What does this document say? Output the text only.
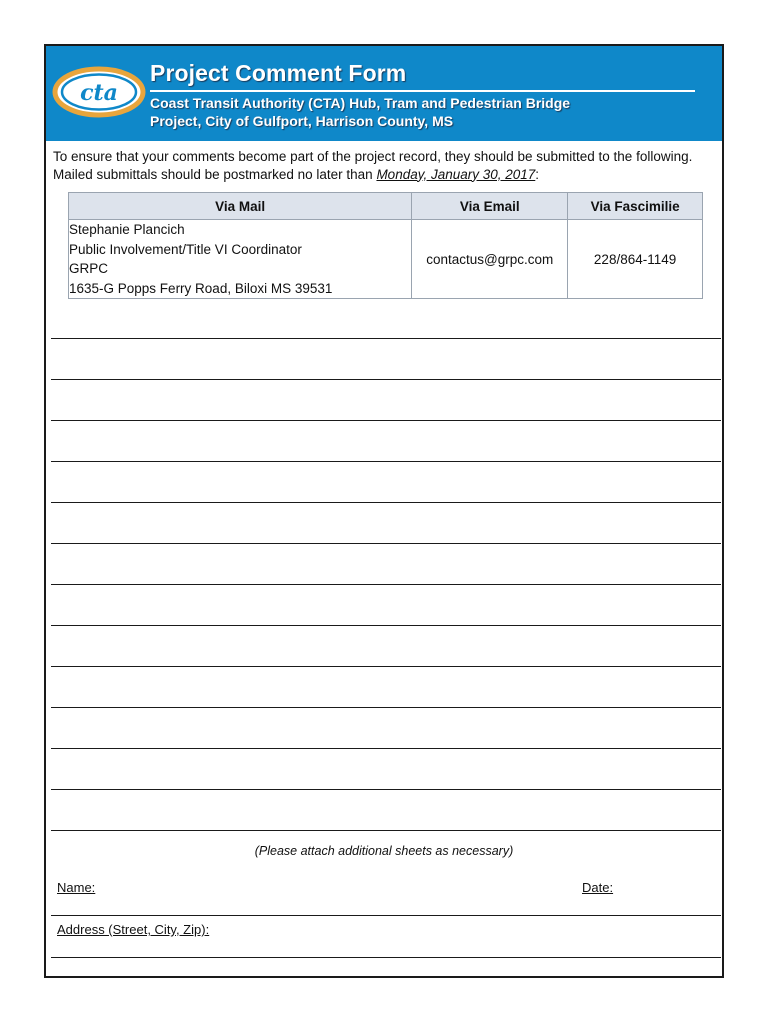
cta
Project Comment Form
Coast Transit Authority (CTA) Hub, Tram and Pedestrian Bridge
Project, City of Gulfport, Harrison County, MS
To ensure that your comments become part of the project record, they should be submitted to the following. Mailed submittals should be postmarked no later than Monday, January 30, 2017:
Via Mail	Via Email	Via Fascimilie

Stephanie Plancich
Public Involvement/Title VI Coordinator
GRPC
1635-G Popps Ferry Road, Biloxi MS 39531	contactus@grpc.com	228/864-1149
(Please attach additional sheets as necessary)
Name:	Date:
Address (Street, City, Zip):
